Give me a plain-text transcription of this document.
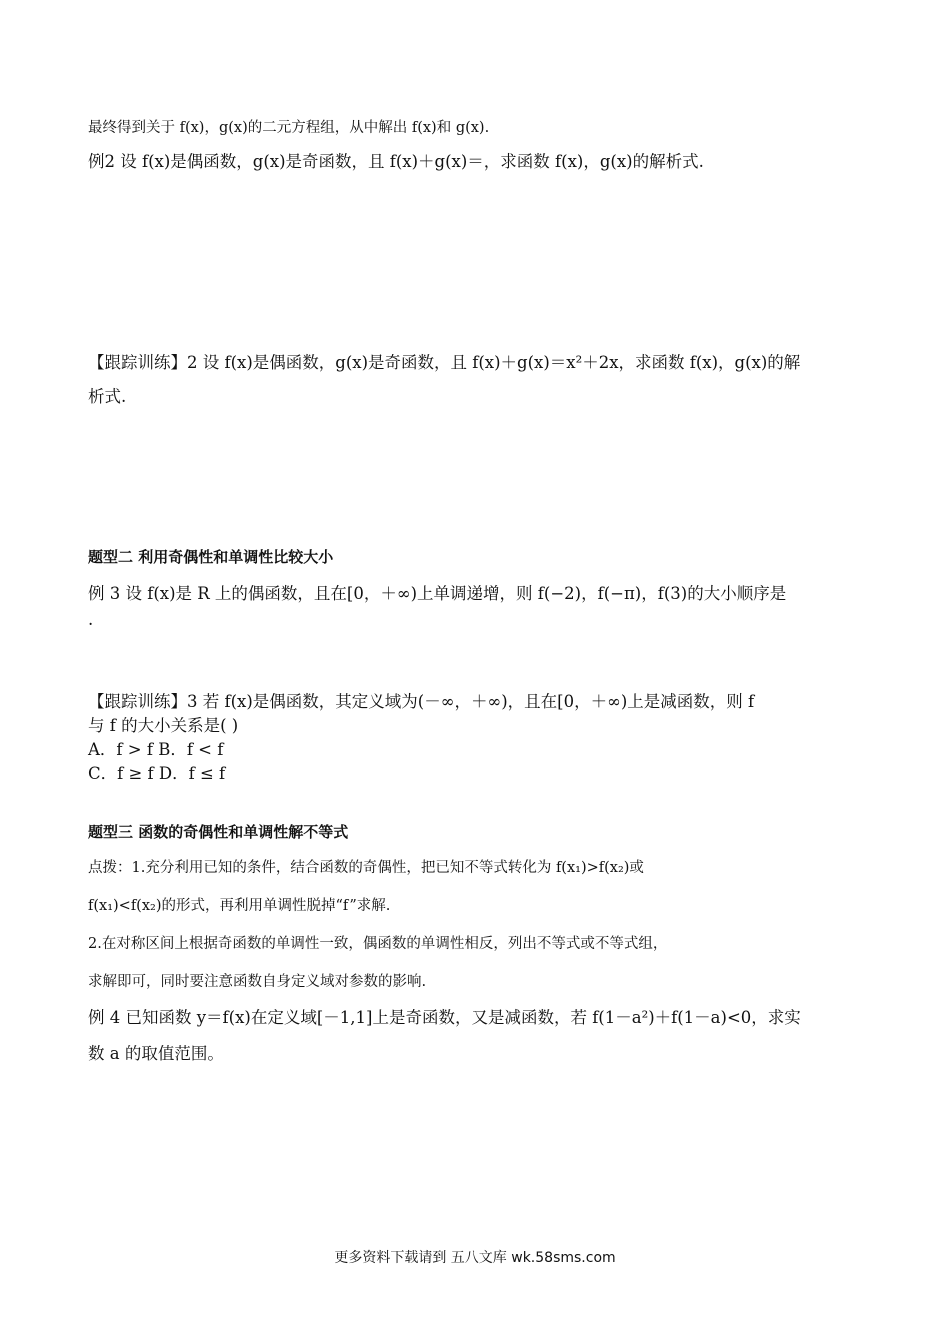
最终得到关于 f(x)，g(x)的二元方程组，从中解出 f(x)和 g(x).
例2 设 f(x)是偶函数，g(x)是奇函数，且 f(x)＋g(x)＝，求函数 f(x)，g(x)的解析式.
【跟踪训练】2 设 f(x)是偶函数，g(x)是奇函数，且 f(x)＋g(x)＝x²＋2x，求函数 f(x)，g(x)的解
析式.
题型二 利用奇偶性和单调性比较大小
例 3 设 f(x)是 R 上的偶函数，且在[0，＋∞)上单调递增，则 f(−2)，f(−π)，f(3)的大小顺序是
.
【跟踪训练】3 若 f(x)是偶函数，其定义域为(－∞，＋∞)，且在[0，＋∞)上是减函数，则 f
与 f 的大小关系是( )
A．f > f B．f < f
C．f ≥ f D．f ≤ f
题型三 函数的奇偶性和单调性解不等式
点拨：1.充分利用已知的条件，结合函数的奇偶性，把已知不等式转化为 f(x₁)>f(x₂)或
f(x₁)<f(x₂)的形式，再利用单调性脱掉“f”求解.
2.在对称区间上根据奇函数的单调性一致，偶函数的单调性相反，列出不等式或不等式组，
求解即可，同时要注意函数自身定义域对参数的影响.
例 4 已知函数 y＝f(x)在定义域[－1,1]上是奇函数，又是减函数，若 f(1－a²)＋f(1－a)<0，求实
数 a 的取值范围。
更多资料下载请到 五八文库 wk.58sms.com
